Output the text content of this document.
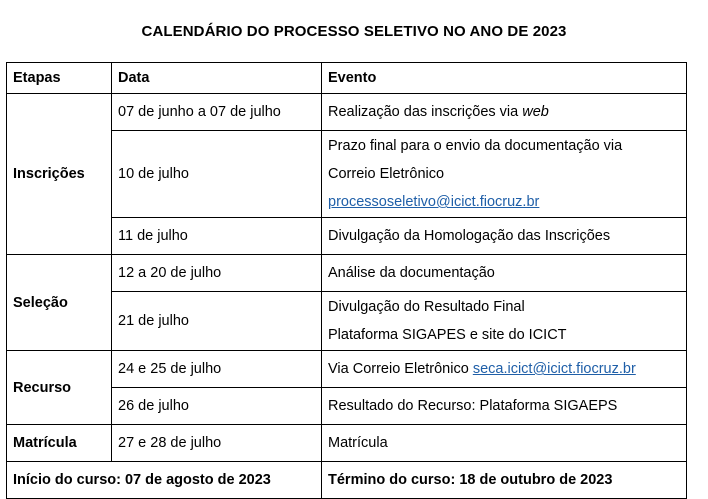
CALENDÁRIO DO PROCESSO SELETIVO NO ANO DE 2023
Etapas	Data	Evento
Inscrições	07 de junho a 07 de julho	Realização das inscrições via web
	10 de julho	Prazo final para o envio da documentação via
Correio Eletrônico
processoseletivo@icict.fiocruz.br

	11 de julho	Divulgação da Homologação das Inscrições
Seleção	12 a 20 de julho	Análise da documentação
	21 de julho	Divulgação do Resultado Final
Plataforma SIGAPES e site do ICICT

Recurso	24 e 25 de julho	Via Correio Eletrônico seca.icict@icict.fiocruz.br
	26 de julho	Resultado do Recurso: Plataforma SIGAEPS
Matrícula	27 e 28 de julho	Matrícula
Início do curso: 07 de agosto de 2023		Término do curso: 18 de outubro de 2023
